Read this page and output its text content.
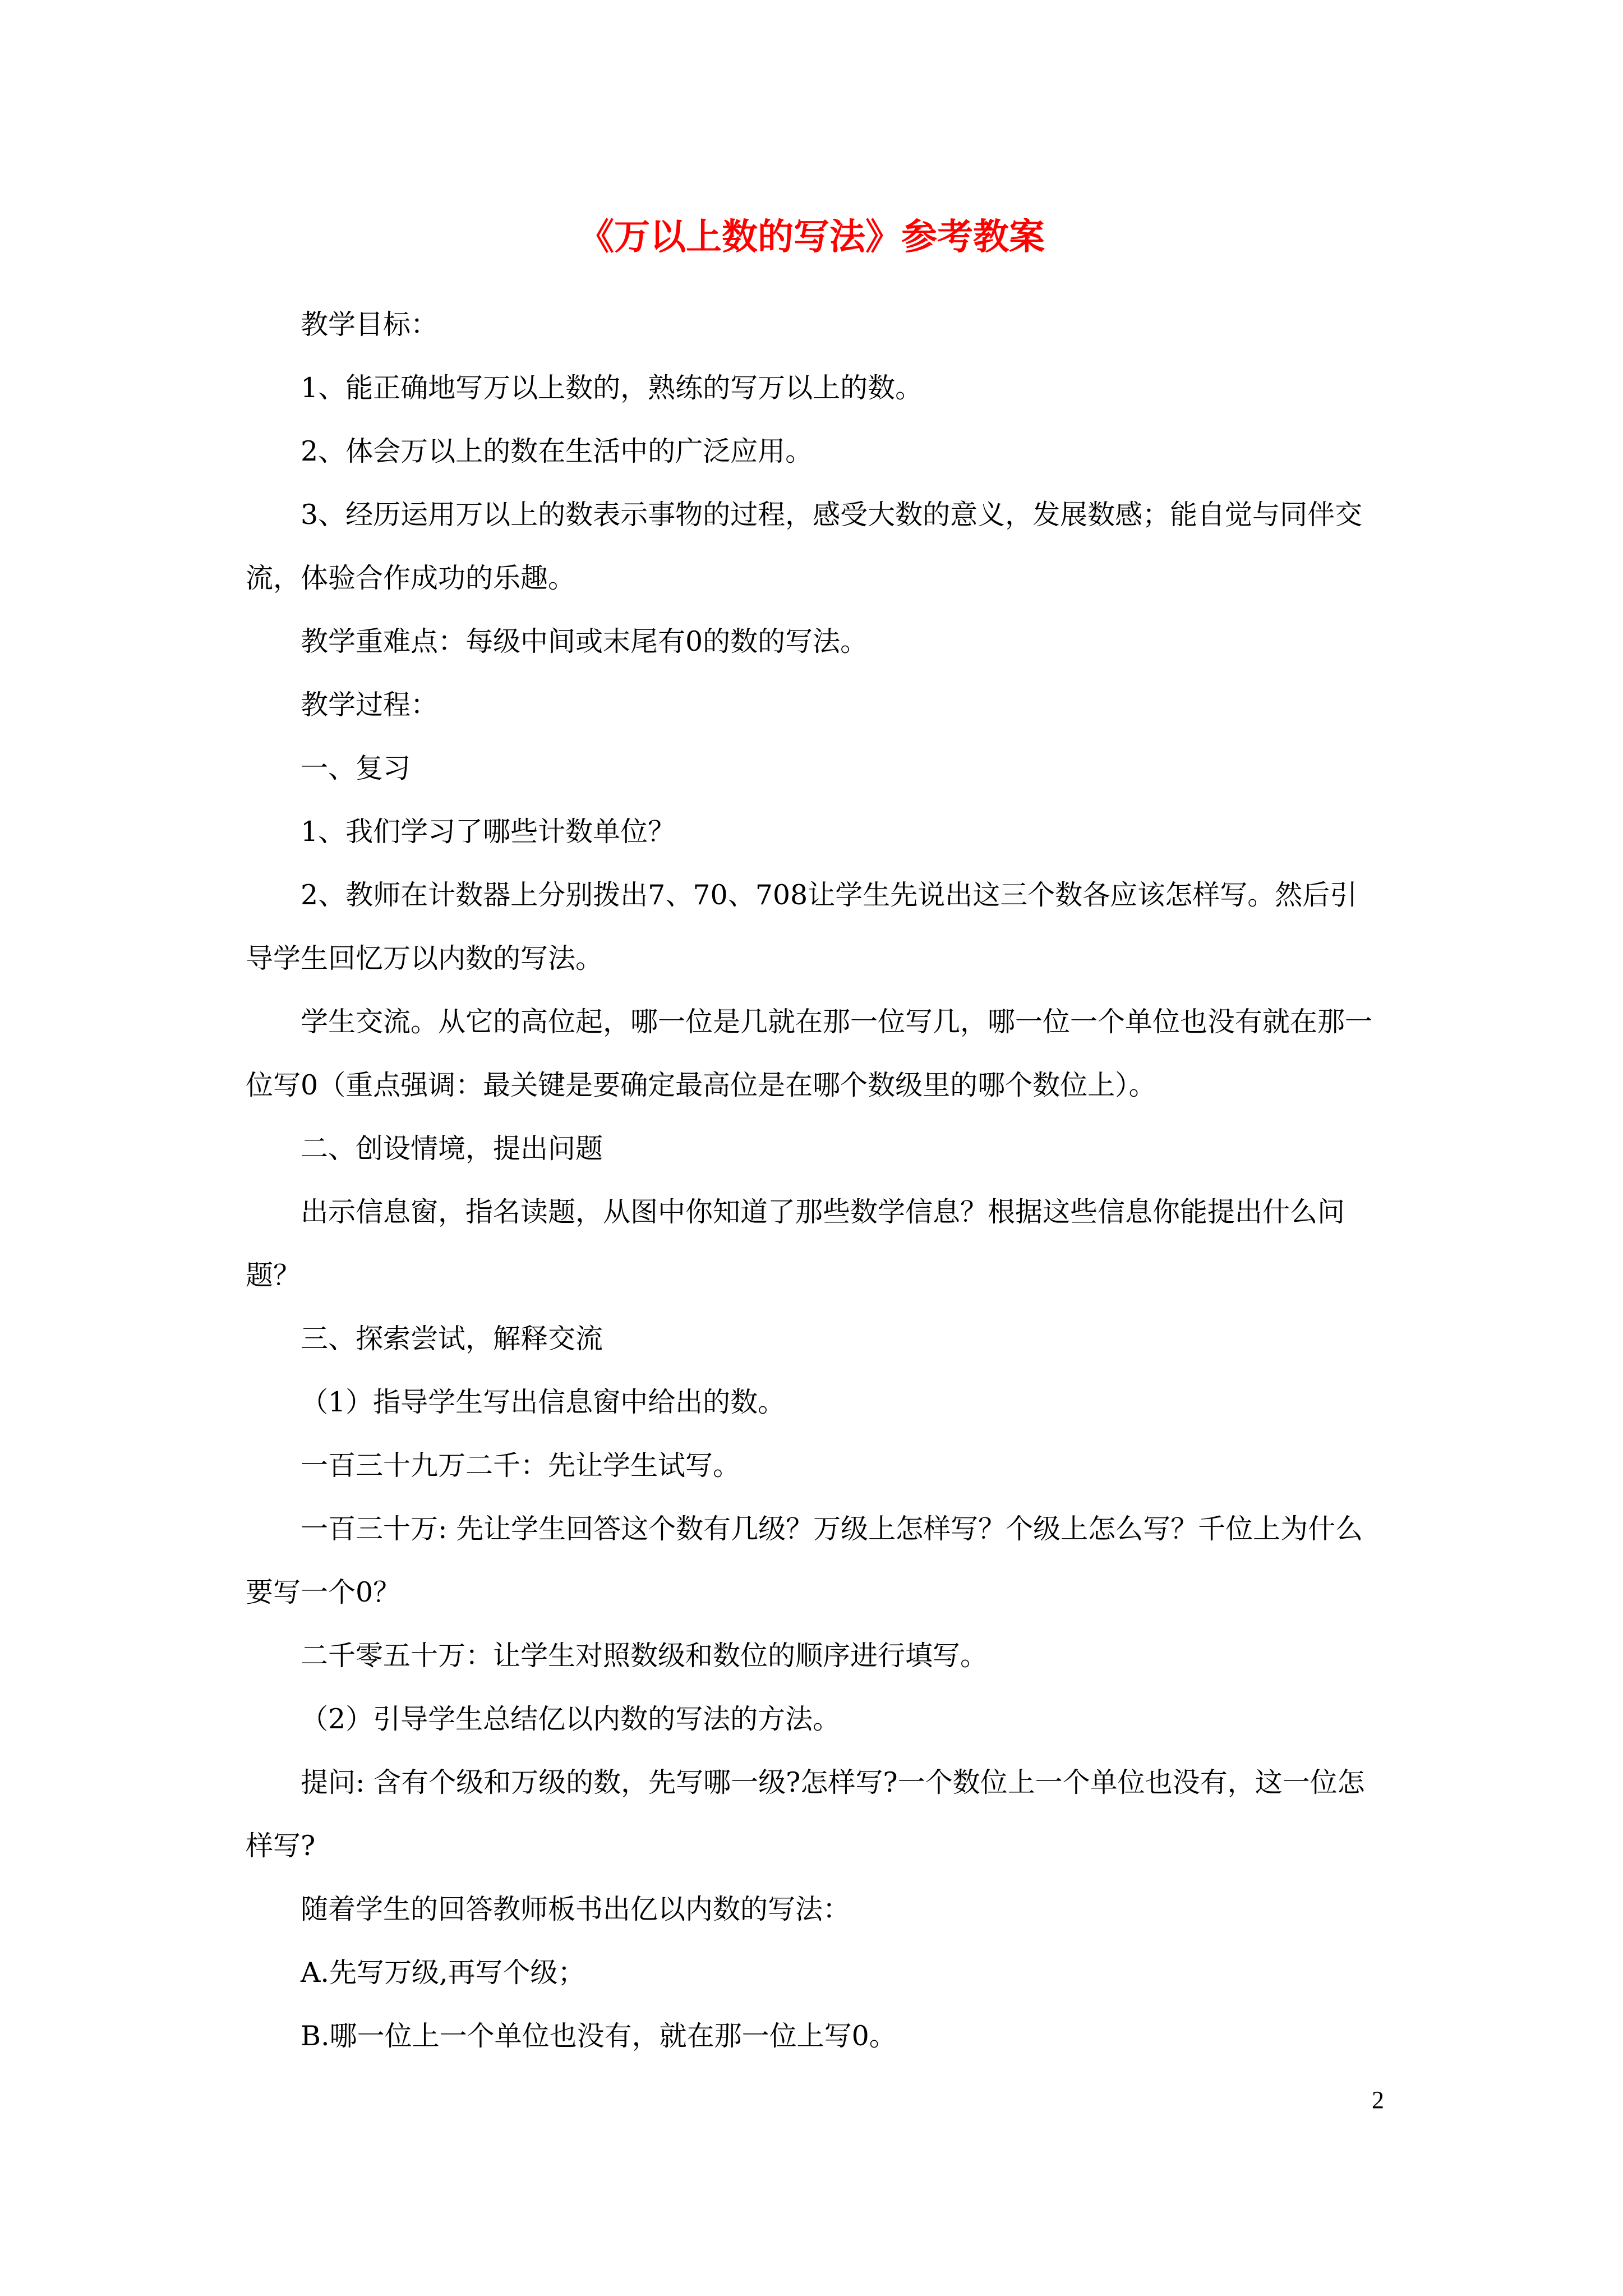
《万以上数的写法》参考教案

教学目标：

1、能正确地写万以上数的，熟练的写万以上的数。

2、体会万以上的数在生活中的广泛应用。

3、经历运用万以上的数表示事物的过程，感受大数的意义，发展数感；能自觉与同伴交流，体验合作成功的乐趣。

教学重难点：每级中间或末尾有0的数的写法。

教学过程：

一、复习

1、我们学习了哪些计数单位？

2、教师在计数器上分别拨出7、70、708让学生先说出这三个数各应该怎样写。然后引导学生回忆万以内数的写法。

学生交流。从它的高位起，哪一位是几就在那一位写几，哪一位一个单位也没有就在那一位写0（重点强调：最关键是要确定最高位是在哪个数级里的哪个数位上）。

二、创设情境，提出问题

出示信息窗，指名读题，从图中你知道了那些数学信息？根据这些信息你能提出什么问题？

三、探索尝试，解释交流

（1）指导学生写出信息窗中给出的数。

一百三十九万二千：先让学生试写。

一百三十万: 先让学生回答这个数有几级？万级上怎样写？个级上怎么写？千位上为什么要写一个0？

二千零五十万：让学生对照数级和数位的顺序进行填写。

（2）引导学生总结亿以内数的写法的方法。

提问: 含有个级和万级的数，先写哪一级?怎样写?一个数位上一个单位也没有，这一位怎样写?

随着学生的回答教师板书出亿以内数的写法：

A.先写万级,再写个级；

B.哪一位上一个单位也没有，就在那一位上写0。

2
